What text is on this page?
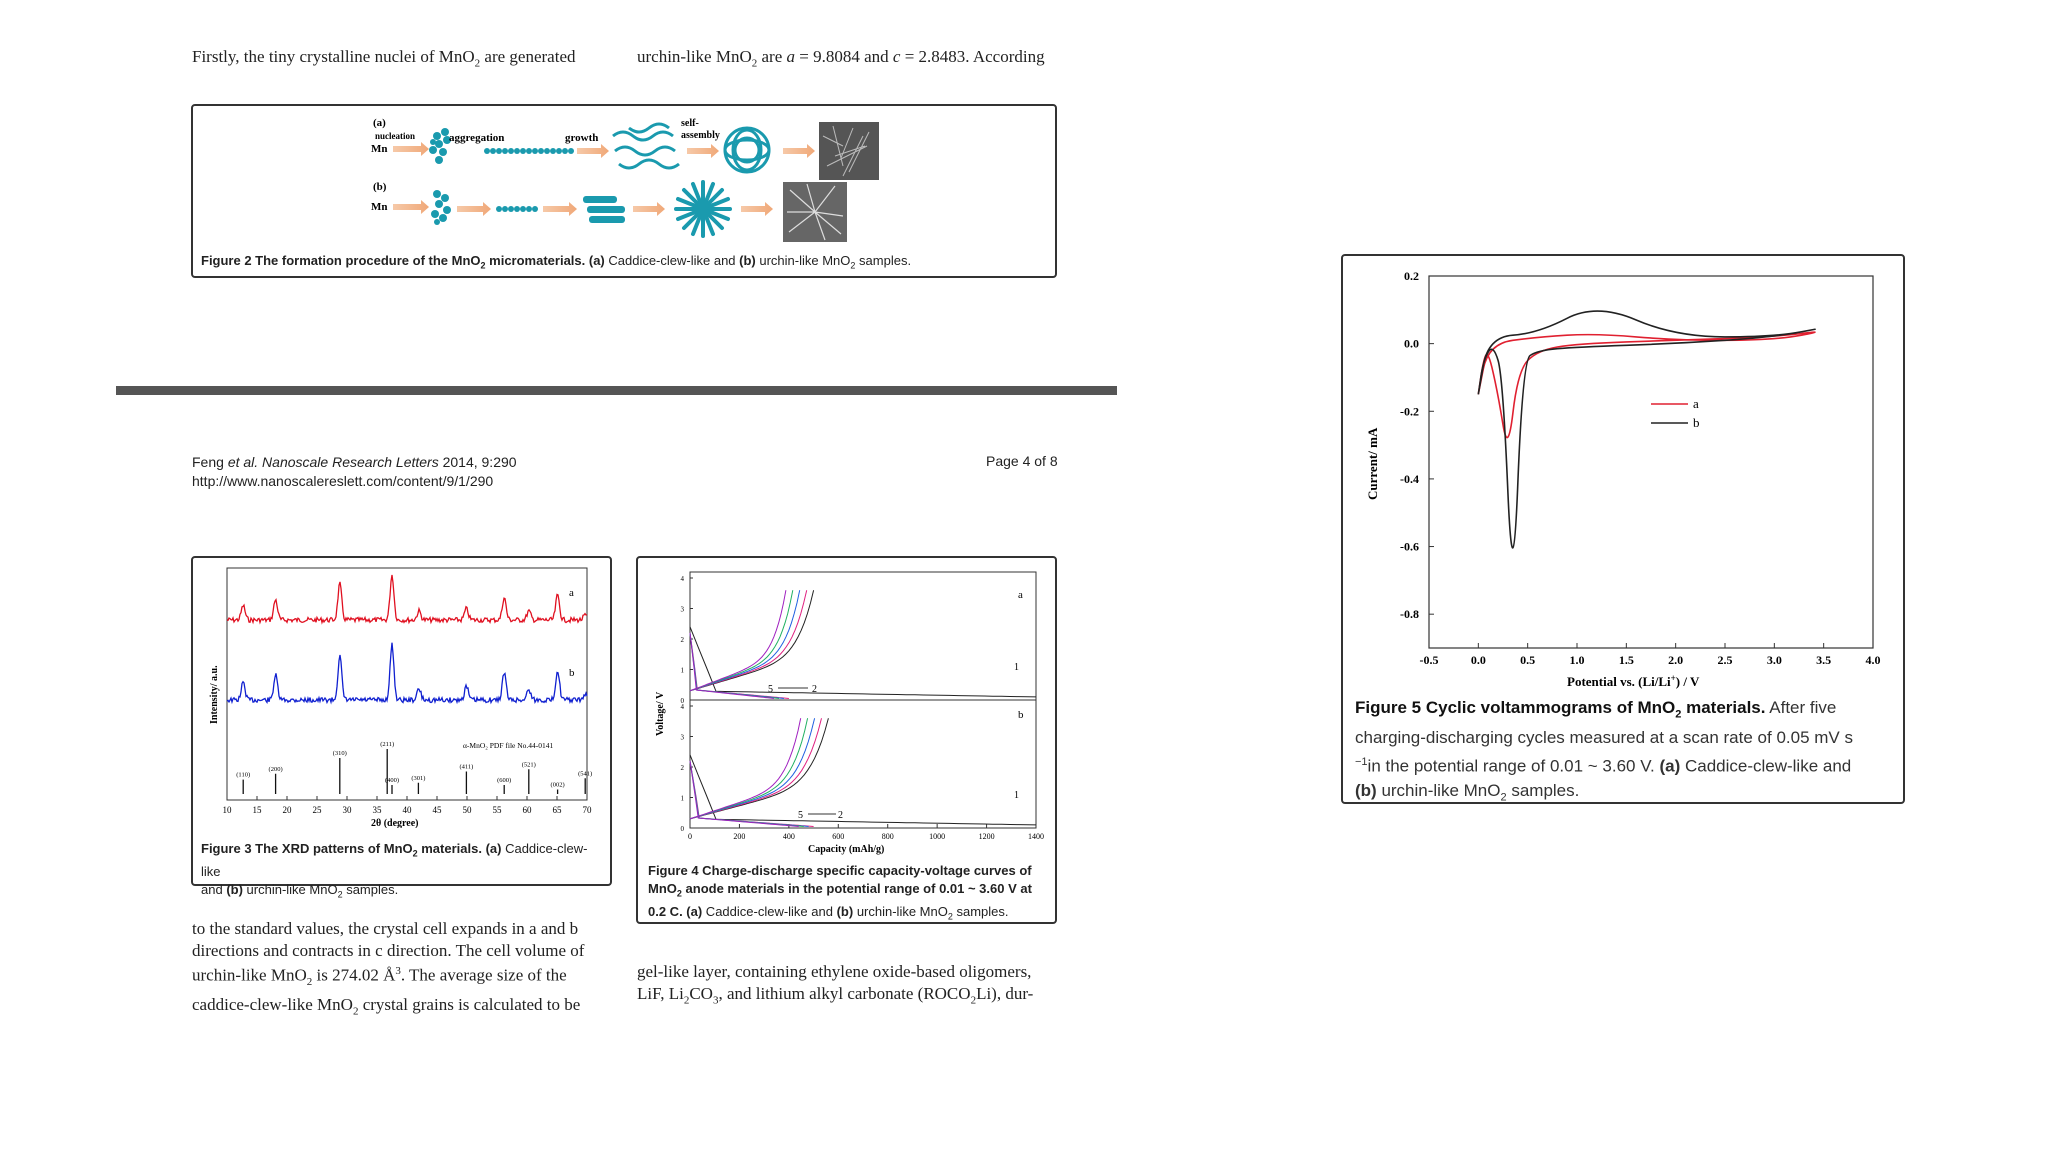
Firstly, the tiny crystalline nuclei of MnO$_2$ are generated	urchin-like MnO$_2$ are a = 9.8084 and c = 2.8483. According
(a)
nucleation
Mn
aggregation	growth
self-
assembly
(b)
Mn
Figure 2 The formation procedure of the MnO$_2$ micromaterials. (a) Caddice-clew-like and (b) urchin-like MnO$_2$ samples.
Feng et al. Nanoscale Research Letters 2014, 9:290
http://www.nanoscalereslett.com/content/9/1/290
Page 4 of 8
10 15 20 25 30 35 40 45 50 55 60 65 70
a
b
α-MnO₂ PDF file No.44-0141
(110)
(200)
(310)
(211)
(400) (301)
(411)
(600)
(521)
(002)
(541)
Intensity/ a.u.
2θ (degree)
Figure 3 The XRD patterns of MnO$_2$ materials. (a) Caddice-clew-like
and (b) urchin-like MnO$_2$ samples.
0
1
2
3
4
0
1
2
3
4
0	200	400	600	800	1000	1200	1400
a
b
1
1
5	2
5	2
Voltage/ V
Capacity (mAh/g)
Figure 4 Charge-discharge specific capacity-voltage curves of
MnO$_2$ anode materials in the potential range of 0.01 ~ 3.60 V at
0.2 C. (a) Caddice-clew-like and (b) urchin-like MnO$_2$ samples.
to the standard values, the crystal cell expands in a and b
directions and contracts in c direction. The cell volume of
urchin-like MnO$_2$ is 274.02 $Å^3$. The average size of the
caddice-clew-like MnO$_2$ crystal grains is calculated to be
gel-like layer, containing ethylene oxide-based oligomers,
LiF, $Li_2CO_3$, and lithium alkyl carbonate $(ROCO_2Li)$, dur-
-0.5	0.0	0.5	1.0	1.5	2.0	2.5	3.0	3.5	4.0
0.2
0.0
-0.2
-0.4
-0.6
-0.8
a
b
Current/ mA
Potential vs. (Li/Li+) / V
Figure 5 Cyclic voltammograms of MnO$_2$ materials. After five
charging-discharging cycles measured at a scan rate of 0.05 mV s
$^{-1}$in the potential range of 0.01 ~ 3.60 V. (a) Caddice-clew-like and
(b) urchin-like MnO$_2$ samples.
